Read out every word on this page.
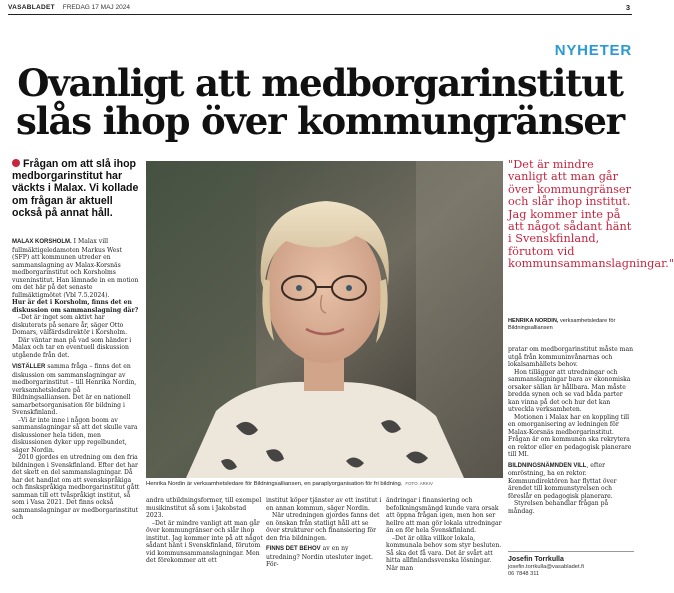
VASABLADET FREDAG 17 MAJ 2024	3
NYHETER
Ovanligt att medborgarinstitut
slås ihop över kommungränser
Frågan om att slå ihop medborgarinstitut har väckts i Malax. Vi kollade om frågan är aktuell också på annat håll.

MALAX KORSHOLM. I Malax vill fullmäktigeledamoten Markus West (SFP) att kommunen utreder en sammanslagning av Malax-Korsnäs medborgarinstitut och Korsholms vuxeninstitut. Han lämnade in en motion om det här på det senaste fullmäktigmötet (Vbl 7.5.2024).

Hur är det i Korsholm, finns det en diskussion om sammanslagning där?

–Det är inget som aktivt har diskuterats på senare år, säger Otto Domars, välfärdsdirektör i Korsholm.

Där väntar man på vad som händer i Malax och tar en eventuell diskussion utgående från det.

VISTÄLLER samma fråga – finns det en diskussion om sammanslagningar av medborgarinstitut – till Henrika Nordin, verksamhetsledare på Bildningsalliansen. Det är en nationell samarbetsorganisation för bildning i Svenskfinland.

–Vi är inte inne i någon boom av sammanslagningar så att det skulle vara diskussioner hela tiden, men diskussionen dyker upp regelbundet, säger Nordin.

2010 gjordes en utredning om den fria bildningen i Svenskfinland. Efter det har det skett en del sammanslagningar. Då har det handlat om att svenskspråkiga och finskspråkiga medborgarinstitut gått samman till ett tvåspråkigt institut, så som i Vasa 2021. Det finns också sammanslagningar av medborgarinstitut och

Henrika Nordin är verksamhetsledare för Bildningsalliansen, en paraplyorganisation för fri bildning. FOTO: ARKIV
"Det är mindre vanligt att man går över kommungränser och slår ihop institut. Jag kommer inte på att något sådant hänt i Svenskfinland, förutom vid kommunsammanslagningar."
HENRIKA NORDIN, verksamhetsledare för Bildningsalliansen

pratar om medborgarinstitut måste man utgå från kommuninvånarnas och lokalsamhällets behov.

Hon tillägger att utredningar och sammanslagningar bara av ekonomiska orsaker sällan är hållbara. Man måste bredda synen och se vad båda parter kan vinna på det och hur det kan utveckla verksamheten.

Motionen i Malax har en koppling till en omorganisering av ledningen för Malax-Korsnäs medborgarinstitut. Frågan är om kommunen ska rekrytera en rektor eller en pedagogisk planerare till MI.

BILDNINGSNÄMNDEN VILL, efter omröstning, ha en rektor. Kommundirektören har flyttat över ärendet till kommunstyrelsen och föreslår en pedagogisk planerare.

Styrelsen behandlar frågan på måndag.

andra utbildningsformer, till exempel musikinstitut så som i Jakobstad 2023.

–Det är mindre vanligt att man går över kommungränser och slår ihop institut. Jag kommer inte på att något sådant hänt i Svenskfinland, förutom vid kommunsammanslagningar. Men det förekommer att ett

institut köper tjänster av ett institut i en annan kommun, säger Nordin.

När utredningen gjordes fanns det en önskan från statligt håll att se över strukturer och finansiering för den fria bildningen.

FINNS DET BEHOV av en ny utredning? Nordin utesluter inget. För-

ändringar i finansiering och befolkningsmängd kunde vara orsak att öppna frågan igen, men hon ser hellre att man gör lokala utredningar än en för hela Svenskfinland.

–Det är olika villkor lokala, kommunala behov som styr besluten. Så ska det få vara. Det är svårt att hitta allfinlandssvenska lösningar. När man

Josefin Torrkulla
josefin.torrkulla@vasabladet.fi
06 7848 311
